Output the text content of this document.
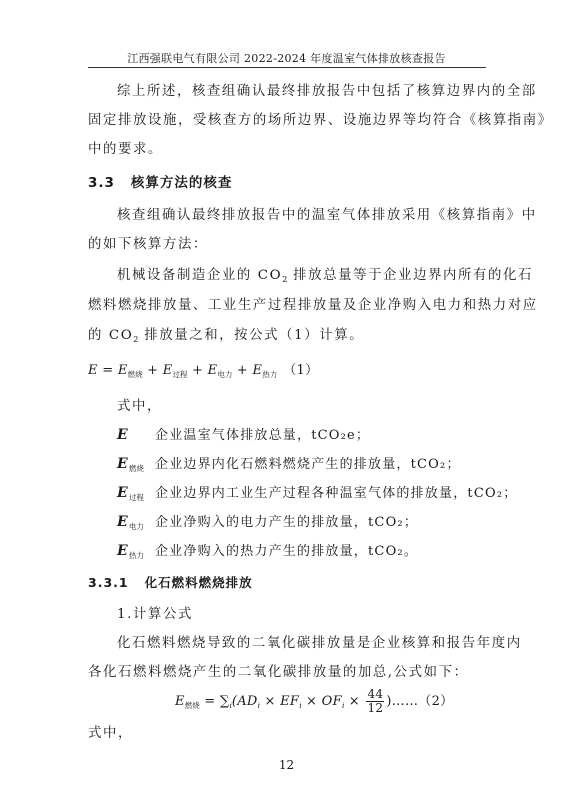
江西强联电气有限公司 2022-2024 年度温室气体排放核查报告
综上所述，核查组确认最终排放报告中包括了核算边界内的全部
固定排放设施，受核查方的场所边界、设施边界等均符合《核算指南》
中的要求。
3.3 核算方法的核查
核查组确认最终排放报告中的温室气体排放采用《核算指南》中
的如下核算方法：
机械设备制造企业的 $CO_2$ 排放总量等于企业边界内所有的化石
燃料燃烧排放量、工业生产过程排放量及企业净购入电力和热力对应
的 $CO_2$ 排放量之和，按公式（1）计算。
$E = E_{燃烧} + E_{过程} + E_{电力} + E_{热力}$ （1）
式中，
E 企业温室气体排放总量，tCO₂e；
$E_{燃烧}$ 企业边界内化石燃料燃烧产生的排放量，tCO₂；
$E_{过程}$ 企业边界内工业生产过程各种温室气体的排放量，tCO₂；
$E_{电力}$ 企业净购入的电力产生的排放量，tCO₂；
$E_{热力}$ 企业净购入的热力产生的排放量，tCO₂。
3.3.1 化石燃料燃烧排放
1.计算公式
化石燃料燃烧导致的二氧化碳排放量是企业核算和报告年度内
各化石燃料燃烧产生的二氧化碳排放量的加总,公式如下：
$E_{燃烧} = \sum_i(AD_i \times EF_i \times OF_i \times \frac{44}{12}$ )……（2）
式中，
12
